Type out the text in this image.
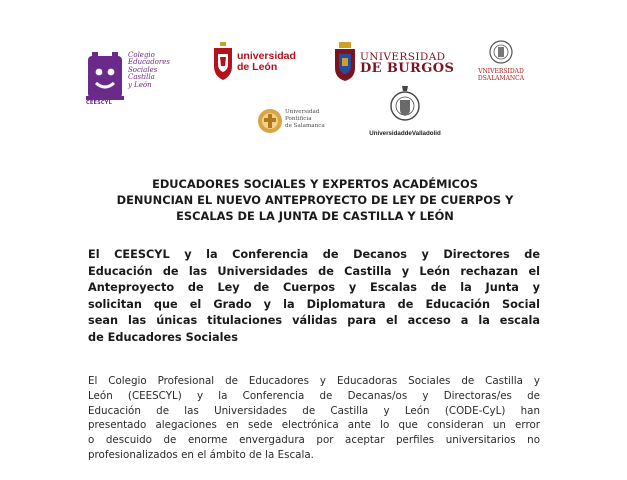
Colegio
Educadores
Sociales
Castilla
y León
CEESCYL
universidad
de León
UNIVERSIDAD
DE BURGOS	VNIVERSIDAD
DSALAMANCA
Universidad
Pontificia
de Salamanca
UniversidaddeValladolid
EDUCADORES SOCIALES Y EXPERTOS ACADÉMICOS
DENUNCIAN EL NUEVO ANTEPROYECTO DE LEY DE CUERPOS Y
ESCALAS DE LA JUNTA DE CASTILLA Y LEÓN
El CEESCYL y la Conferencia de Decanos y Directores de
Educación de las Universidades de Castilla y León rechazan el
Anteproyecto de Ley de Cuerpos y Escalas de la Junta y
solicitan que el Grado y la Diplomatura de Educación Social
sean las únicas titulaciones válidas para el acceso a la escala
de Educadores Sociales
El Colegio Profesional de Educadores y Educadoras Sociales de Castilla y
León (CEESCYL) y la Conferencia de Decanas/os y Directoras/es de
Educación de las Universidades de Castilla y León (CODE-CyL) han
presentado alegaciones en sede electrónica ante lo que consideran un error
o descuido de enorme envergadura por aceptar perfiles universitarios no
profesionalizados en el ámbito de la Escala.
